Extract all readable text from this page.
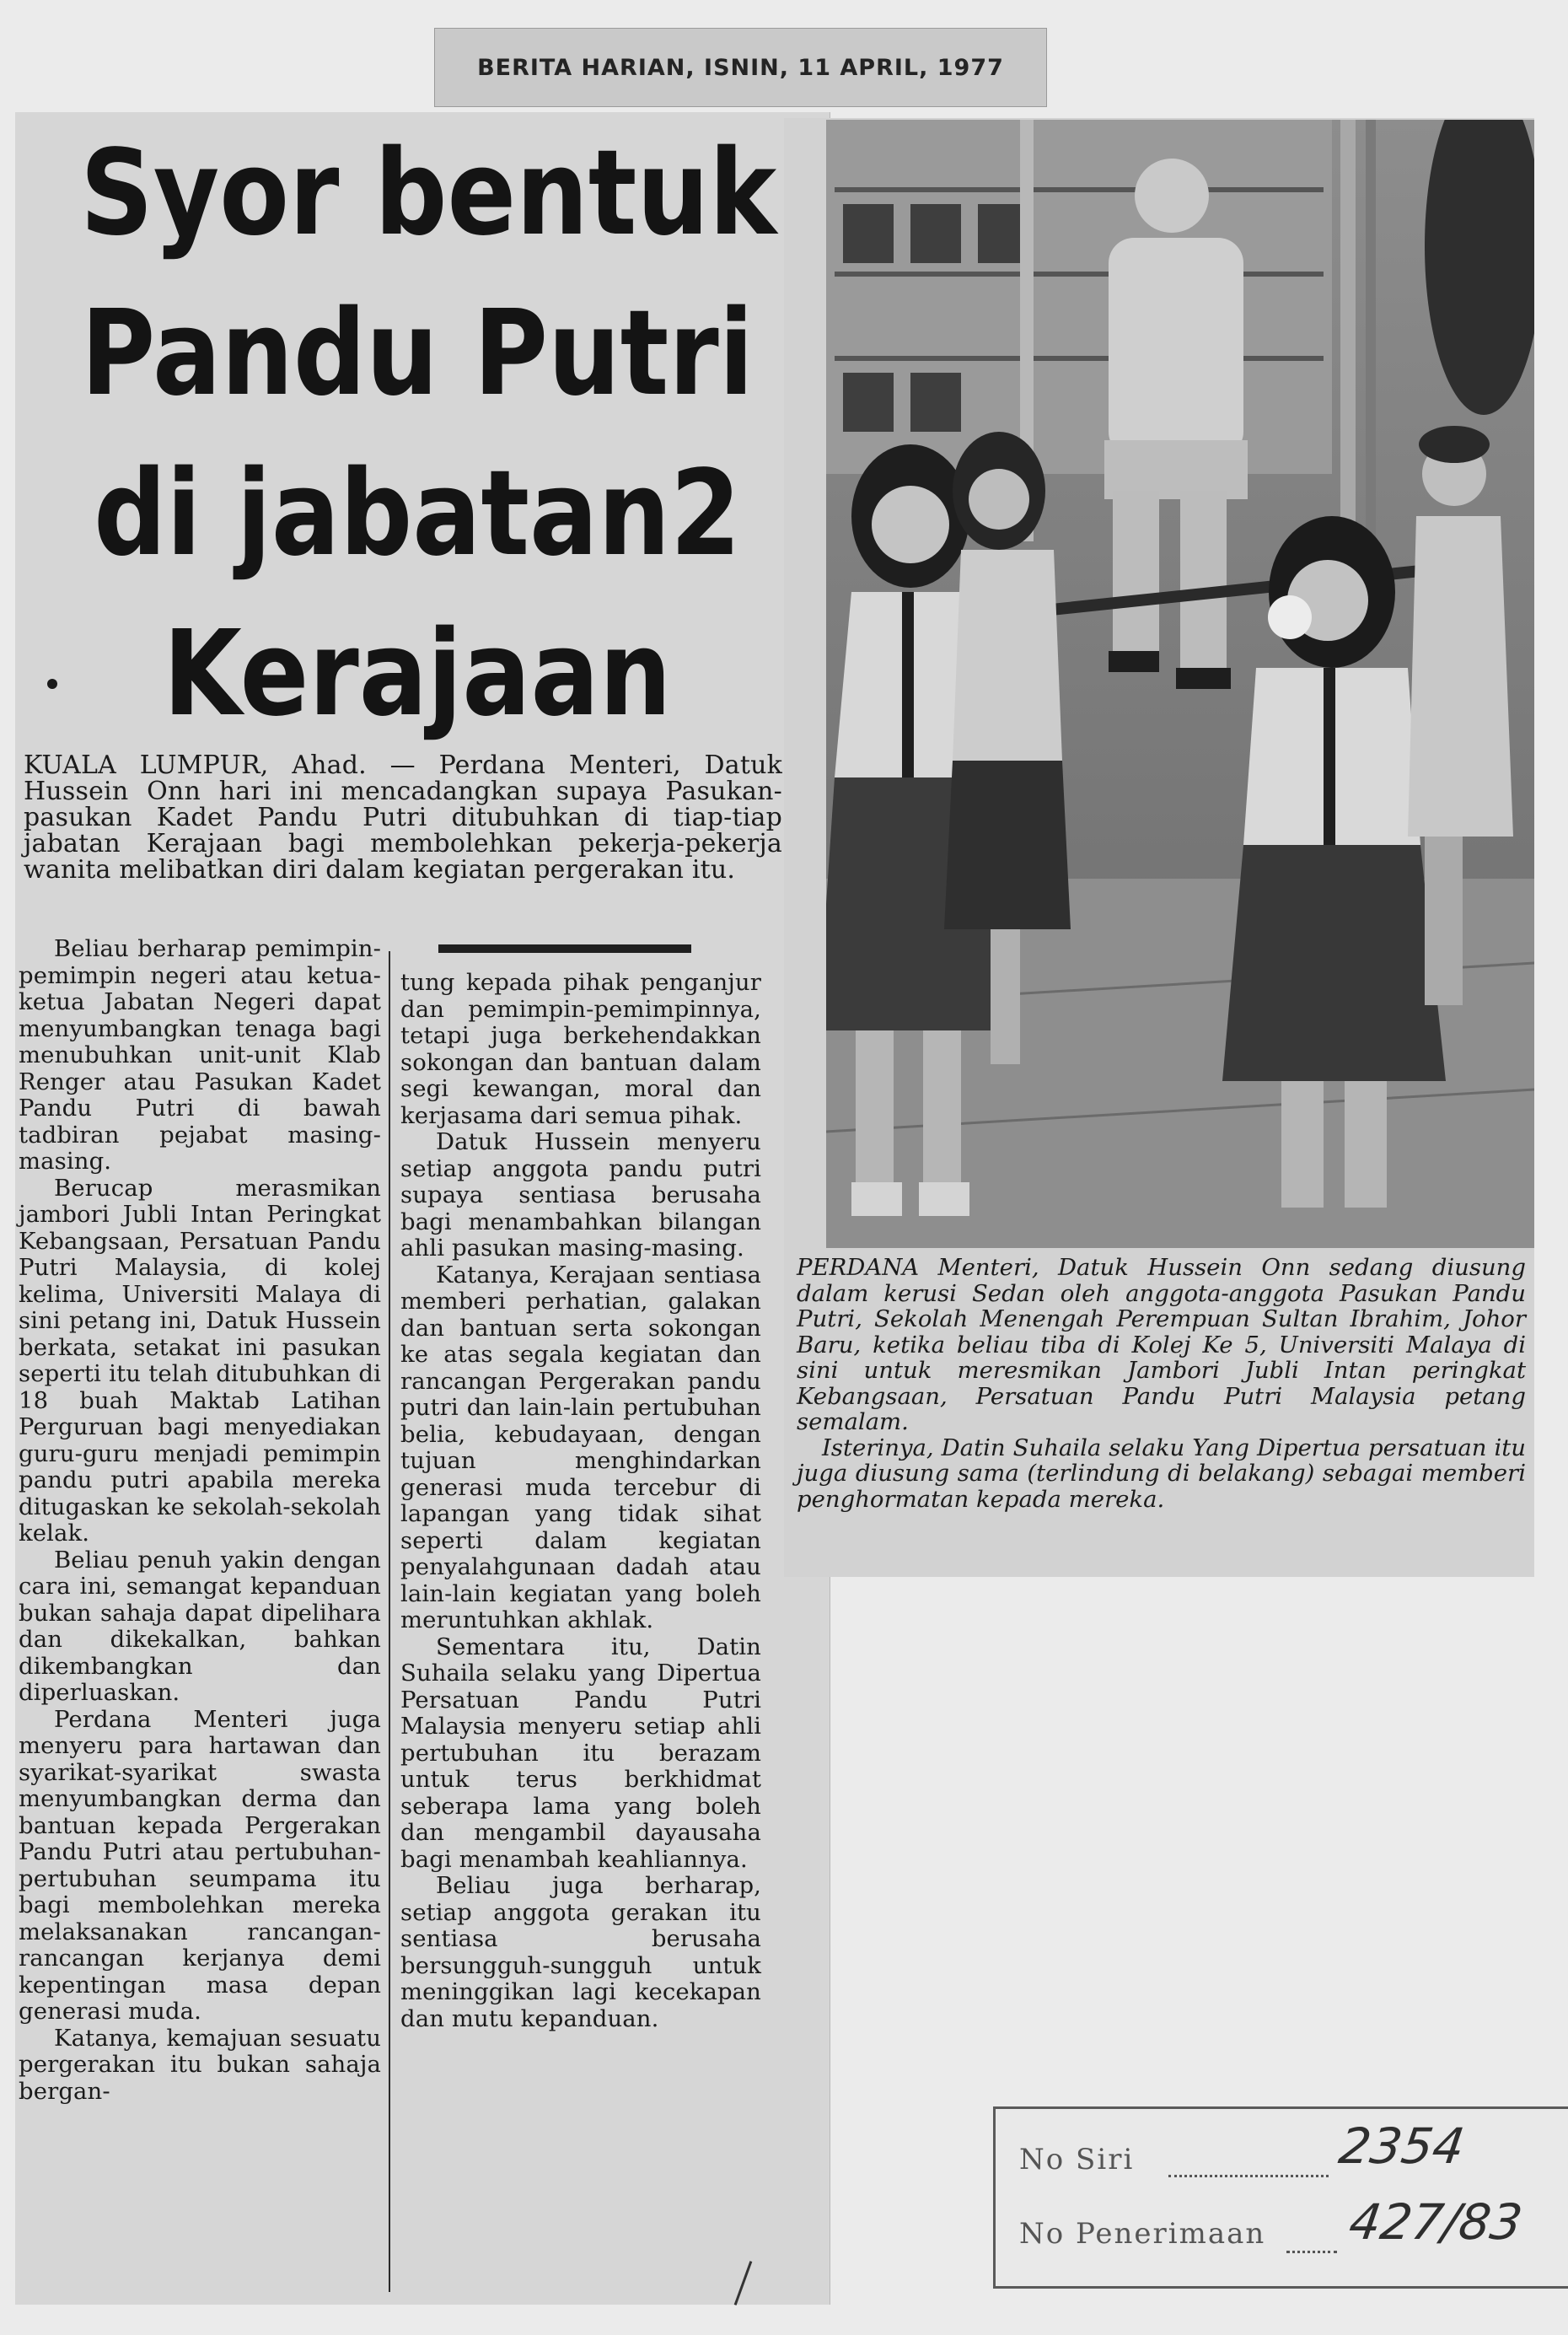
BERITA HARIAN, ISNIN, 11 APRIL, 1977
Syor bentuk
Pandu Putri
di jabatan2
Kerajaan
KUALA LUMPUR, Ahad. — Perdana Menteri, Datuk Hussein Onn hari ini mencadangkan supaya Pasukan-pasukan Kadet Pandu Putri ditubuhkan di tiap-tiap jabatan Kerajaan bagi membolehkan pekerja-pekerja wanita melibatkan diri dalam kegiatan pergerakan itu.

Beliau berharap pemimpin-pemimpin negeri atau ketua-ketua Jabatan Negeri dapat menyumbangkan tenaga bagi menubuhkan unit-unit Klab Renger atau Pasukan Kadet Pandu Putri di bawah tadbiran pejabat masing-masing.

Berucap merasmikan jambori Jubli Intan Peringkat Kebangsaan, Persatuan Pandu Putri Malaysia, di kolej kelima, Universiti Malaya di sini petang ini, Datuk Hussein berkata, setakat ini pasukan seperti itu telah ditubuhkan di 18 buah Maktab Latihan Perguruan bagi menyediakan guru-guru menjadi pemimpin pandu putri apabila mereka ditugaskan ke sekolah-sekolah kelak.

Beliau penuh yakin dengan cara ini, semangat kepanduan bukan sahaja dapat dipelihara dan dikekalkan, bahkan dikembangkan dan diperluaskan.

Perdana Menteri juga menyeru para hartawan dan syarikat-syarikat swasta menyumbangkan derma dan bantuan kepada Pergerakan Pandu Putri atau pertubuhan-pertubuhan seumpama itu bagi membolehkan mereka melaksanakan rancangan-rancangan kerjanya demi kepentingan masa depan generasi muda.

Katanya, kemajuan sesuatu pergerakan itu bukan sahaja bergan-

tung kepada pihak penganjur dan pemimpin-pemimpinnya, tetapi juga berkehendakkan sokongan dan bantuan dalam segi kewangan, moral dan kerjasama dari semua pihak.

Datuk Hussein menyeru setiap anggota pandu putri supaya sentiasa berusaha bagi menambahkan bilangan ahli pasukan masing-masing.

Katanya, Kerajaan sentiasa memberi perhatian, galakan dan bantuan serta sokongan ke atas segala kegiatan dan rancangan Pergerakan pandu putri dan lain-lain pertubuhan belia, kebudayaan, dengan tujuan menghindarkan generasi muda tercebur di lapangan yang tidak sihat seperti dalam kegiatan penyalahgunaan dadah atau lain-lain kegiatan yang boleh meruntuhkan akhlak.

Sementara itu, Datin Suhaila selaku yang Dipertua Persatuan Pandu Putri Malaysia menyeru setiap ahli pertubuhan itu berazam untuk terus berkhidmat seberapa lama yang boleh dan mengambil dayausaha bagi menambah keahliannya.

Beliau juga berharap, setiap anggota gerakan itu sentiasa berusaha bersungguh-sungguh untuk meninggikan lagi kecekapan dan mutu kepanduan.

PERDANA Menteri, Datuk Hussein Onn sedang diusung dalam kerusi Sedan oleh anggota-anggota Pasukan Pandu Putri, Sekolah Menengah Perempuan Sultan Ibrahim, Johor Baru, ketika beliau tiba di Kolej Ke 5, Universiti Malaya di sini untuk meresmikan Jambori Jubli Intan peringkat Kebangsaan, Persatuan Pandu Putri Malaysia petang semalam.

Isterinya, Datin Suhaila selaku Yang Dipertua persatuan itu juga diusung sama (terlindung di belakang) sebagai memberi penghormatan kepada mereka.

No Siri	2354
No Penerimaan 427/83
